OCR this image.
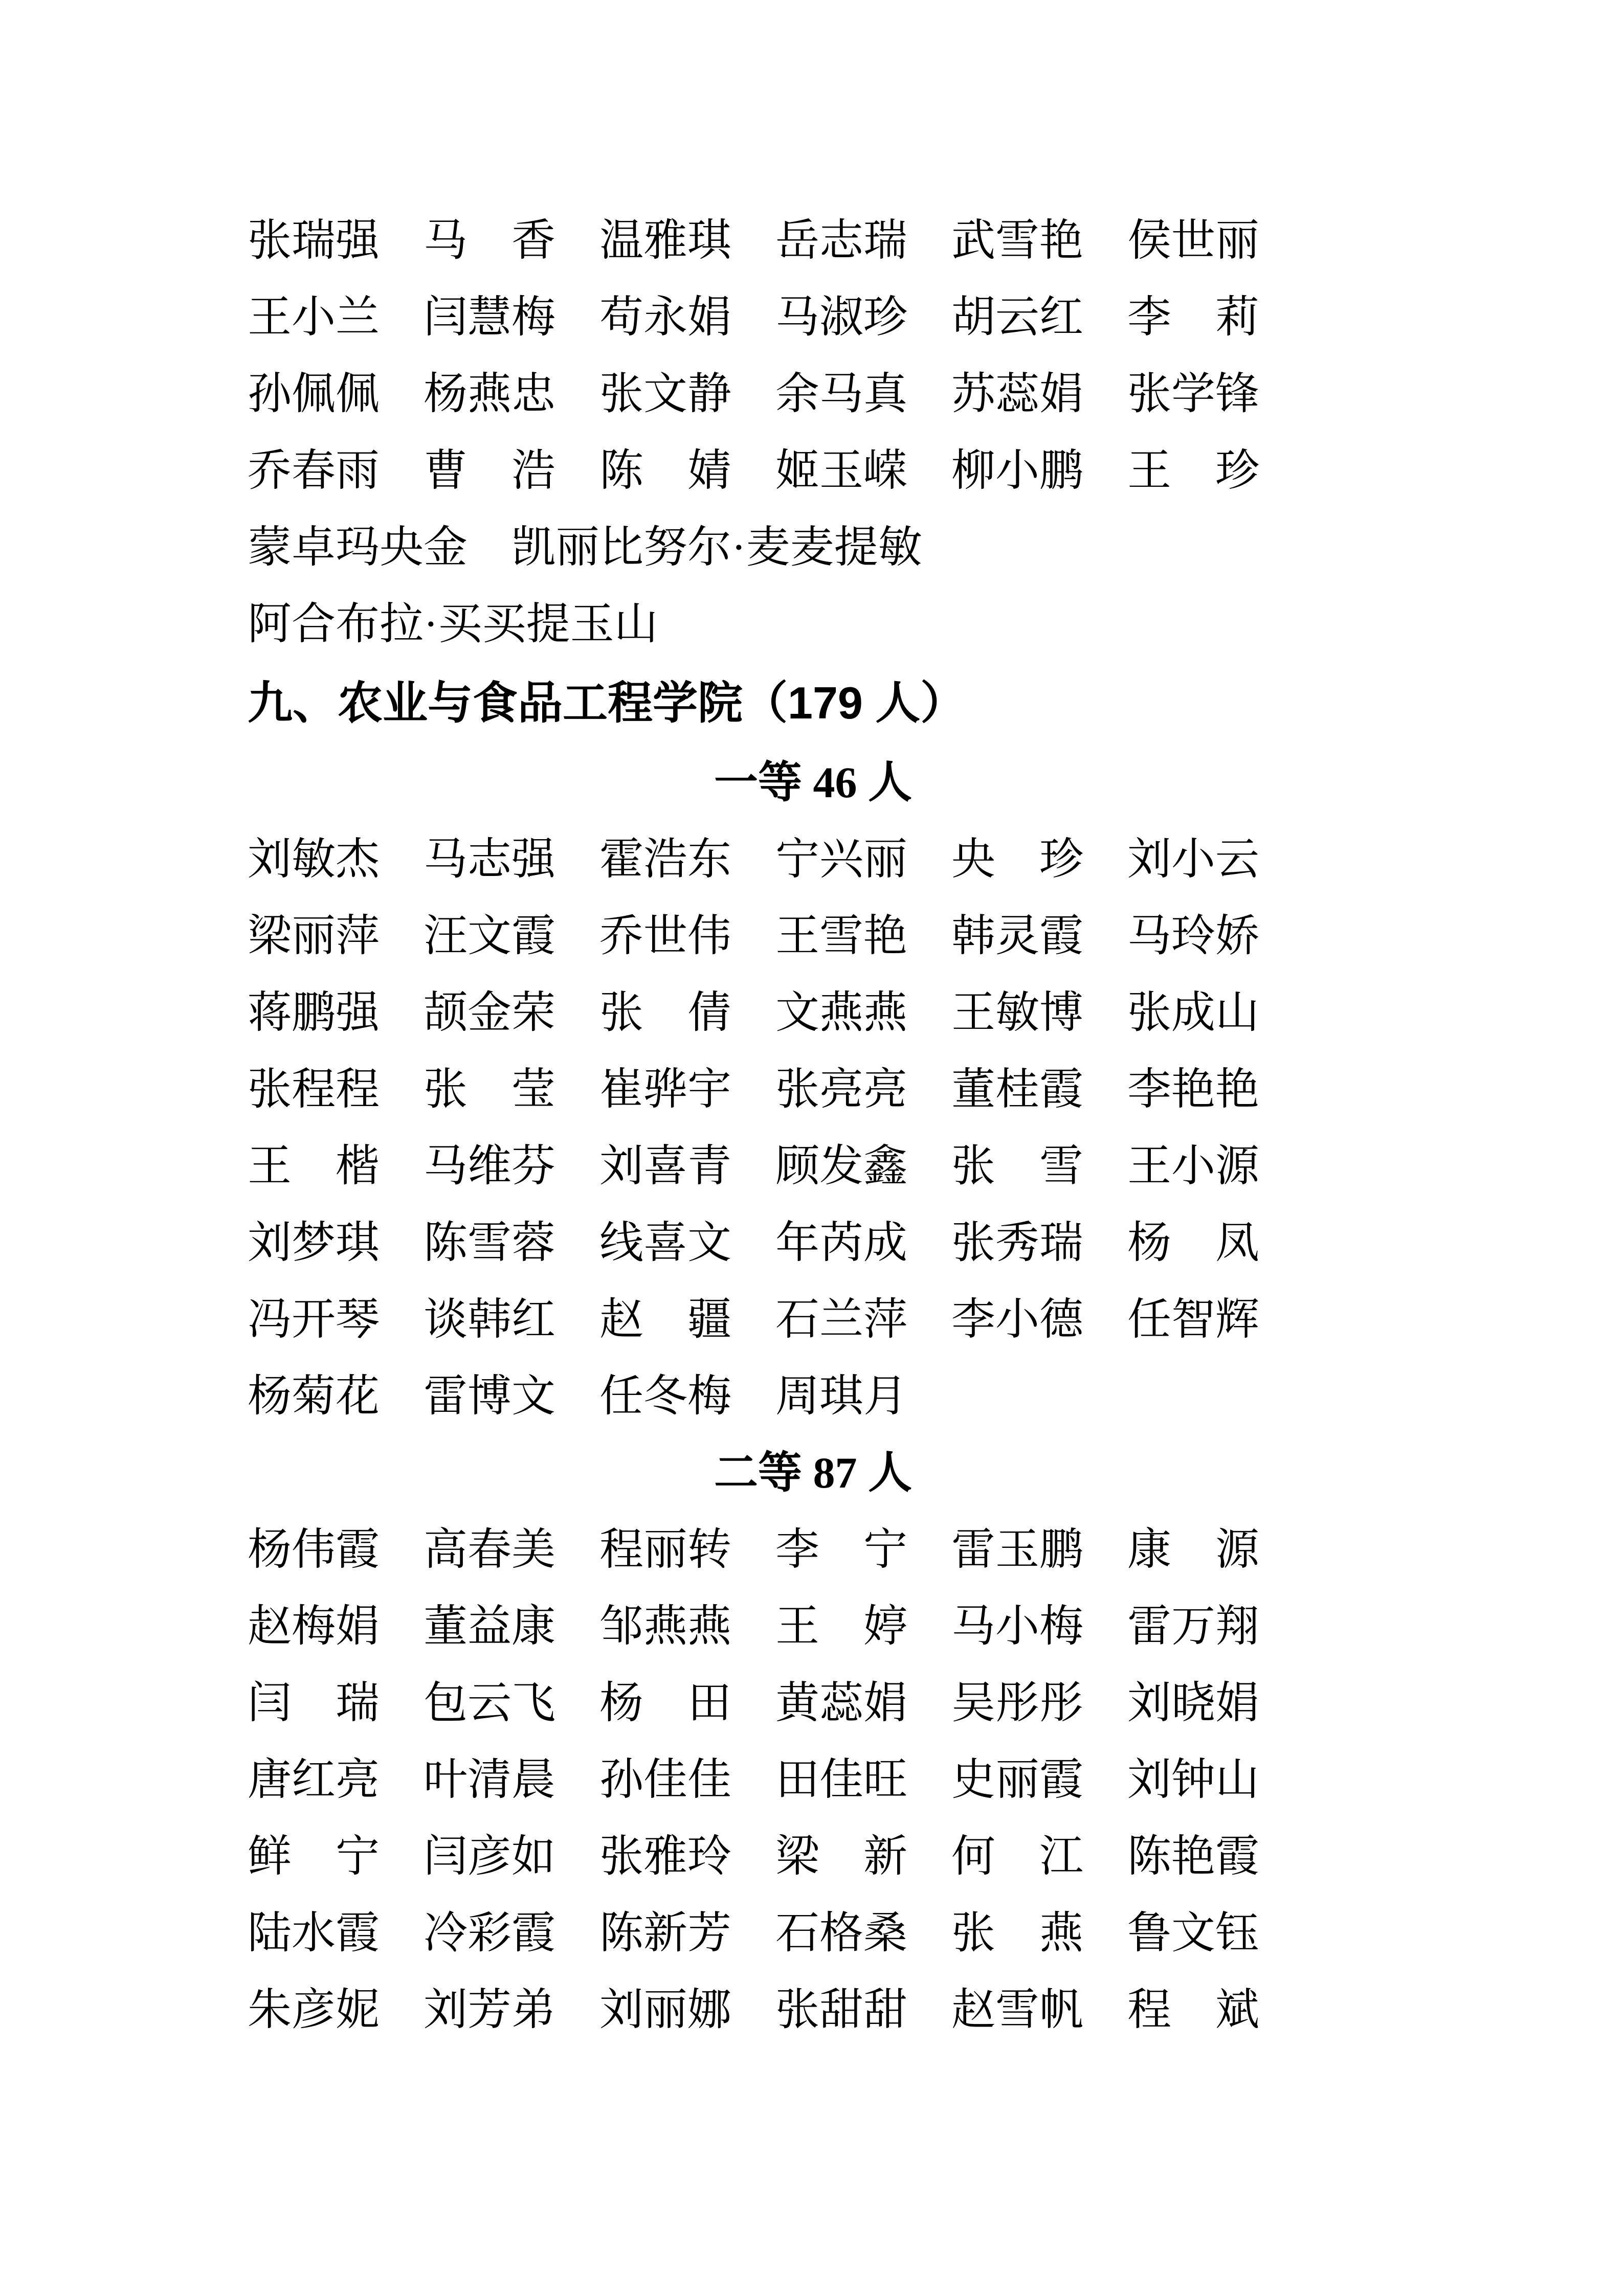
张 瑞 强 马 香 温 雅 琪 岳 志 瑞 武 雪 艳 侯 世 丽
王 小 兰 闫 慧 梅 苟 永 娟 马 淑 珍 胡 云 红 李 莉
孙 佩 佩 杨 燕 忠 张 文 静 余 马 真 苏 蕊 娟 张 学 锋
乔 春 雨 曹 浩 陈 婧 姬 玉 嵘 柳 小 鹏 王 珍
蒙 卓 玛 央 金 凯 丽 比 努 尔 · 麦 麦 提 敏
阿 合 布 拉 · 买 买 提 玉 山
九、农业与食品工程学院（179 人）
一等 46 人
刘 敏 杰 马 志 强 霍 浩 东 宁 兴 丽 央 珍 刘 小 云
梁 丽 萍 汪 文 霞 乔 世 伟 王 雪 艳 韩 灵 霞 马 玲 娇
蒋 鹏 强 颉 金 荣 张 倩 文 燕 燕 王 敏 博 张 成 山
张 程 程 张 莹 崔 骅 宇 张 亮 亮 董 桂 霞 李 艳 艳
王 楷 马 维 芬 刘 喜 青 顾 发 鑫 张 雪 王 小 源
刘 梦 琪 陈 雪 蓉 线 喜 文 年 芮 成 张 秀 瑞 杨 凤
冯 开 琴 谈 韩 红 赵 疆 石 兰 萍 李 小 德 任 智 辉
杨 菊 花 雷 博 文 任 冬 梅 周 琪 月
二等 87 人
杨 伟 霞 高 春 美 程 丽 转 李 宁 雷 玉 鹏 康 源
赵 梅 娟 董 益 康 邹 燕 燕 王 婷 马 小 梅 雷 万 翔
闫 瑞 包 云 飞 杨 田 黄 蕊 娟 吴 彤 彤 刘 晓 娟
唐 红 亮 叶 清 晨 孙 佳 佳 田 佳 旺 史 丽 霞 刘 钟 山
鲜 宁 闫 彦 如 张 雅 玲 梁 新 何 江 陈 艳 霞
陆 水 霞 冷 彩 霞 陈 新 芳 石 格 桑 张 燕 鲁 文 钰
朱 彦 妮 刘 芳 弟 刘 丽 娜 张 甜 甜 赵 雪 帆 程 斌
